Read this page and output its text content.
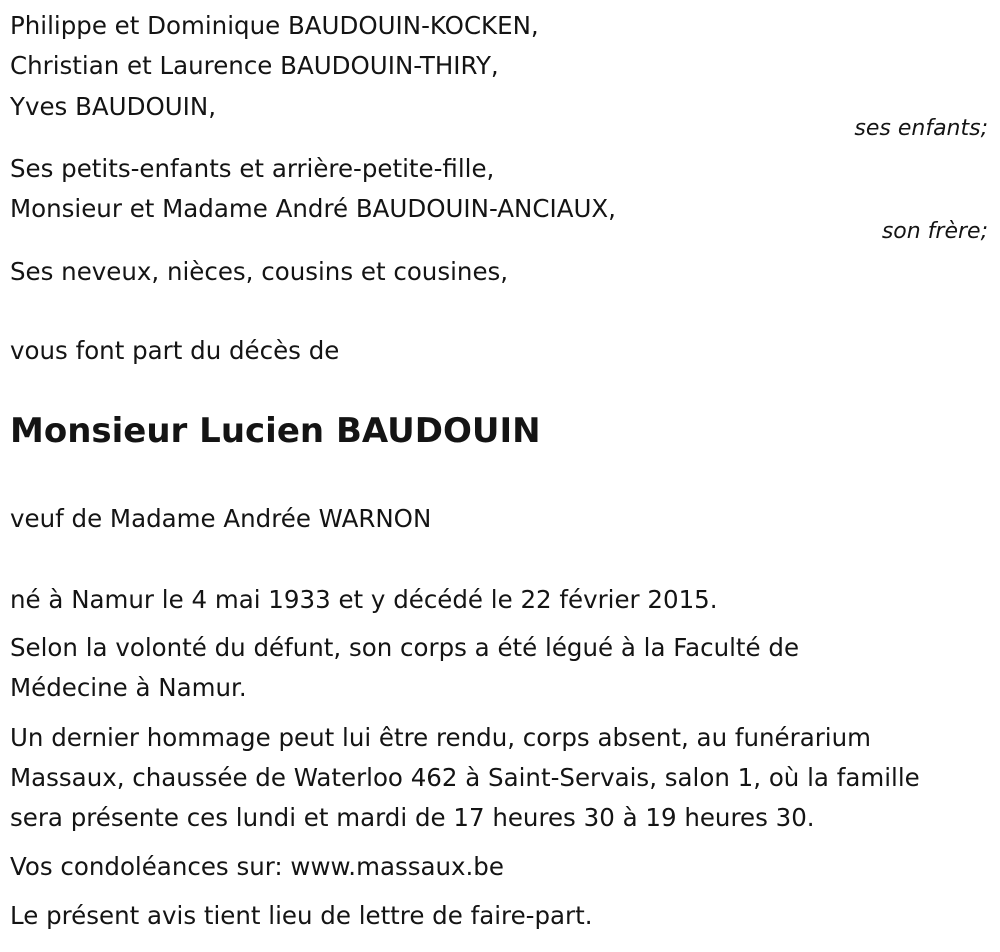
Philippe et Dominique BAUDOUIN-KOCKEN,

Christian et Laurence BAUDOUIN-THIRY,

Yves BAUDOUIN,

ses enfants;

Ses petits-enfants et arrière-petite-fille,

Monsieur et Madame André BAUDOUIN-ANCIAUX,

son frère;

Ses neveux, nièces, cousins et cousines,

vous font part du décès de

Monsieur Lucien BAUDOUIN

veuf de Madame Andrée WARNON

né à Namur le 4 mai 1933 et y décédé le 22 février 2015.

Selon la volonté du défunt, son corps a été légué à la Faculté de

Médecine à Namur.

Un dernier hommage peut lui être rendu, corps absent, au funérarium

Massaux, chaussée de Waterloo 462 à Saint-Servais, salon 1, où la famille

sera présente ces lundi et mardi de 17 heures 30 à 19 heures 30.

Vos condoléances sur: www.massaux.be

Le présent avis tient lieu de lettre de faire-part.
